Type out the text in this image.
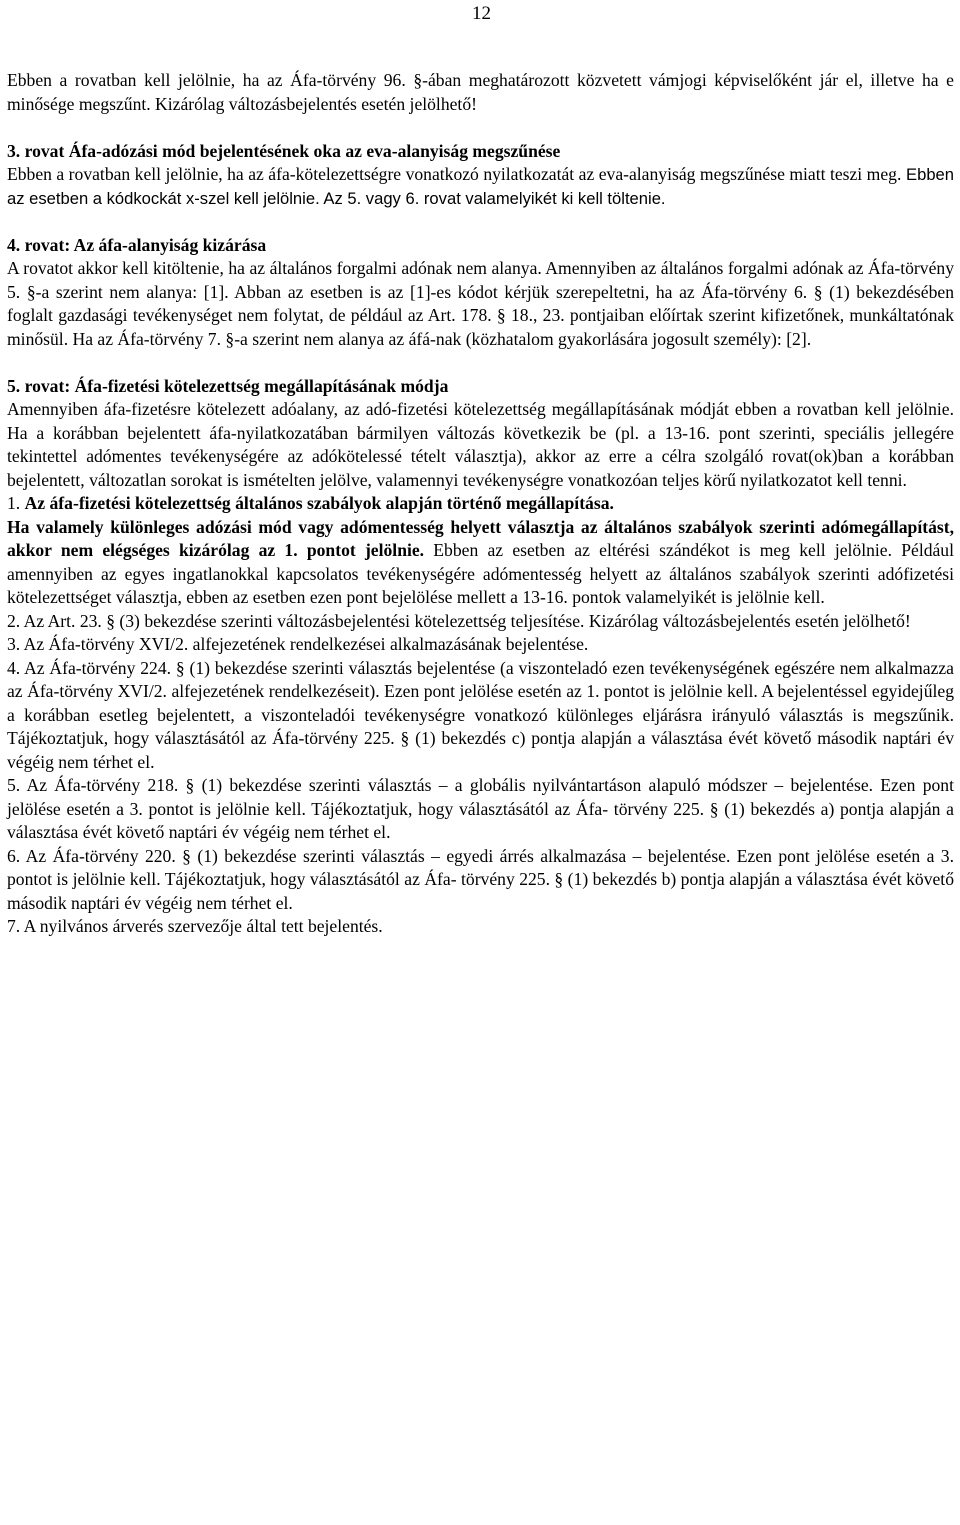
12

Ebben a rovatban kell jelölnie, ha az Áfa-törvény 96. §-ában meghatározott közvetett vámjogi képviselőként jár el, illetve ha e minősége megszűnt. Kizárólag változásbejelentés esetén jelölhető!

3. rovat Áfa-adózási mód bejelentésének oka az eva-alanyiság megszűnése

Ebben a rovatban kell jelölnie, ha az áfa-kötelezettségre vonatkozó nyilatkozatát az eva-alanyiság megszűnése miatt teszi meg. Ebben az esetben a kódkockát x-szel kell jelölnie. Az 5. vagy 6. rovat valamelyikét ki kell töltenie.

4. rovat: Az áfa-alanyiság kizárása

A rovatot akkor kell kitöltenie, ha az általános forgalmi adónak nem alanya. Amennyiben az általános forgalmi adónak az Áfa-törvény 5. §-a szerint nem alanya: [1]. Abban az esetben is az [1]-es kódot kérjük szerepeltetni, ha az Áfa-törvény 6. § (1) bekezdésében foglalt gazdasági tevékenységet nem folytat, de például az Art. 178. § 18., 23. pontjaiban előírtak szerint kifizetőnek, munkáltatónak minősül. Ha az Áfa-törvény 7. §-a szerint nem alanya az áfá-nak (közhatalom gyakorlására jogosult személy): [2].

5. rovat: Áfa-fizetési kötelezettség megállapításának módja

Amennyiben áfa-fizetésre kötelezett adóalany, az adó-fizetési kötelezettség megállapításának módját ebben a rovatban kell jelölnie. Ha a korábban bejelentett áfa-nyilatkozatában bármilyen változás következik be (pl. a 13-16. pont szerinti, speciális jellegére tekintettel adómentes tevékenységére az adókötelessé tételt választja), akkor az erre a célra szolgáló rovat(ok)ban a korábban bejelentett, változatlan sorokat is ismételten jelölve, valamennyi tevékenységre vonatkozóan teljes körű nyilatkozatot kell tenni.

1. Az áfa-fizetési kötelezettség általános szabályok alapján történő megállapítása.

Ha valamely különleges adózási mód vagy adómentesség helyett választja az általános szabályok szerinti adómegállapítást, akkor nem elégséges kizárólag az 1. pontot jelölnie. Ebben az esetben az eltérési szándékot is meg kell jelölnie. Például amennyiben az egyes ingatlanokkal kapcsolatos tevékenységére adómentesség helyett az általános szabályok szerinti adófizetési kötelezettséget választja, ebben az esetben ezen pont bejelölése mellett a 13-16. pontok valamelyikét is jelölnie kell.

2. Az Art. 23. § (3) bekezdése szerinti változásbejelentési kötelezettség teljesítése. Kizárólag változásbejelentés esetén jelölhető!

3. Az Áfa-törvény XVI/2. alfejezetének rendelkezései alkalmazásának bejelentése.

4. Az Áfa-törvény 224. § (1) bekezdése szerinti választás bejelentése (a viszonteladó ezen tevékenységének egészére nem alkalmazza az Áfa-törvény XVI/2. alfejezetének rendelkezéseit). Ezen pont jelölése esetén az 1. pontot is jelölnie kell. A bejelentéssel egyidejűleg a korábban esetleg bejelentett, a viszonteladói tevékenységre vonatkozó különleges eljárásra irányuló választás is megszűnik. Tájékoztatjuk, hogy választásától az Áfa-törvény 225. § (1) bekezdés c) pontja alapján a választása évét követő második naptári év végéig nem térhet el.

5. Az Áfa-törvény 218. § (1) bekezdése szerinti választás – a globális nyilvántartáson alapuló módszer – bejelentése. Ezen pont jelölése esetén a 3. pontot is jelölnie kell. Tájékoztatjuk, hogy választásától az Áfa- törvény 225. § (1) bekezdés a) pontja alapján a választása évét követő naptári év végéig nem térhet el.

6. Az Áfa-törvény 220. § (1) bekezdése szerinti választás – egyedi árrés alkalmazása – bejelentése. Ezen pont jelölése esetén a 3. pontot is jelölnie kell. Tájékoztatjuk, hogy választásától az Áfa- törvény 225. § (1) bekezdés b) pontja alapján a választása évét követő második naptári év végéig nem térhet el.

7. A nyilvános árverés szervezője által tett bejelentés.
